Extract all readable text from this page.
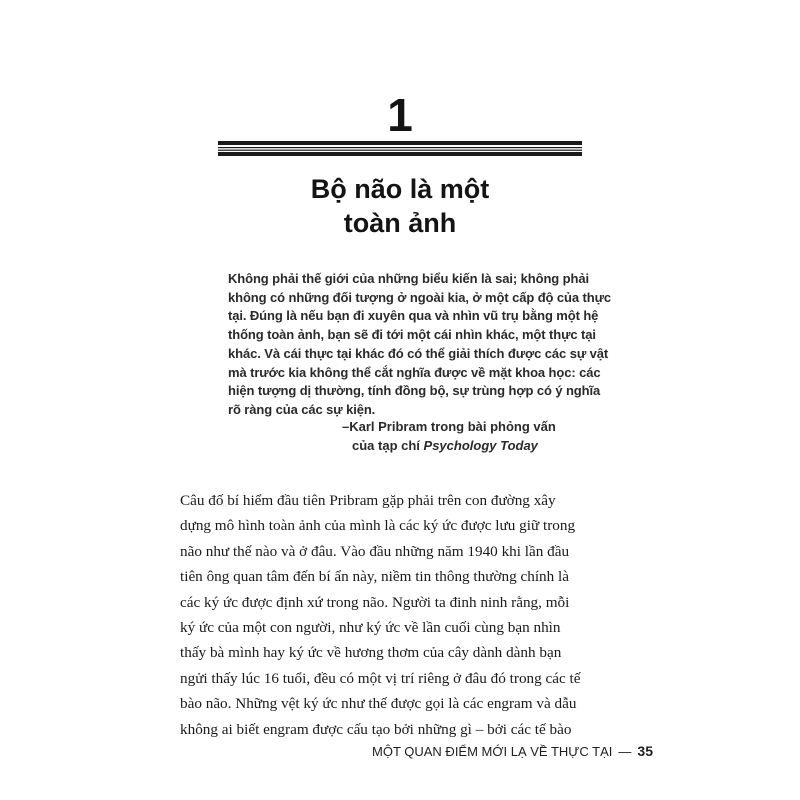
1
Bộ não là một
toàn ảnh
Không phải thế giới của những biểu kiến là sai; không phải
không có những đối tượng ở ngoài kia, ở một cấp độ của thực
tại. Đúng là nếu bạn đi xuyên qua và nhìn vũ trụ bằng một hệ
thống toàn ảnh, bạn sẽ đi tới một cái nhìn khác, một thực tại
khác. Và cái thực tại khác đó có thể giải thích được các sự vật
mà trước kia không thể cắt nghĩa được về mặt khoa học: các
hiện tượng dị thường, tính đồng bộ, sự trùng hợp có ý nghĩa
rõ ràng của các sự kiện.
–Karl Pribram trong bài phỏng vấn
của tạp chí Psychology Today
Câu đố bí hiểm đầu tiên Pribram gặp phải trên con đường xây
dựng mô hình toàn ảnh của mình là các ký ức được lưu giữ trong
não như thế nào và ở đâu. Vào đầu những năm 1940 khi lần đầu
tiên ông quan tâm đến bí ẩn này, niềm tin thông thường chính là
các ký ức được định xứ trong não. Người ta đinh ninh rằng, mỗi
ký ức của một con người, như ký ức về lần cuối cùng bạn nhìn
thấy bà mình hay ký ức về hương thơm của cây dành dành bạn
ngửi thấy lúc 16 tuổi, đều có một vị trí riêng ở đâu đó trong các tế
bào não. Những vệt ký ức như thế được gọi là các engram và dẫu
không ai biết engram được cấu tạo bởi những gì – bởi các tế bào
MỘT QUAN ĐIỂM MỚI LẠ VỀ THỰC TẠI — 35
